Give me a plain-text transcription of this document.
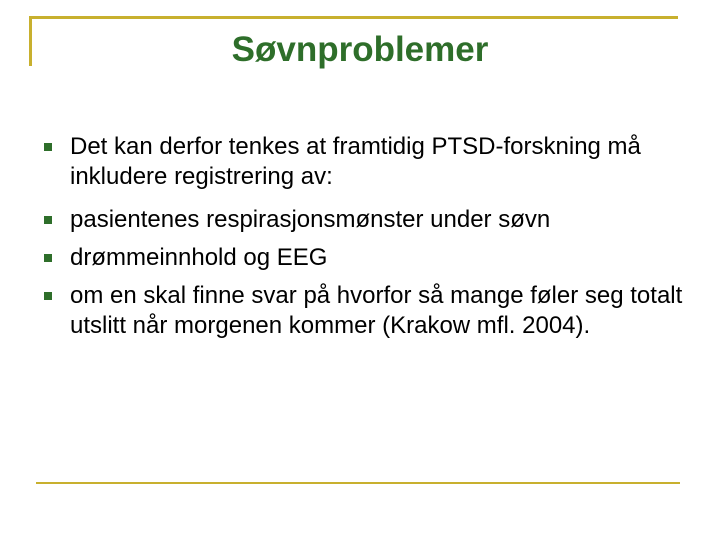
Søvnproblemer
Det kan derfor tenkes at framtidig PTSD-forskning må inkludere registrering av:
pasientenes respirasjonsmønster under søvn
drømmeinnhold og EEG
om en skal finne svar på hvorfor så mange føler seg totalt utslitt når morgenen kommer (Krakow mfl. 2004).
